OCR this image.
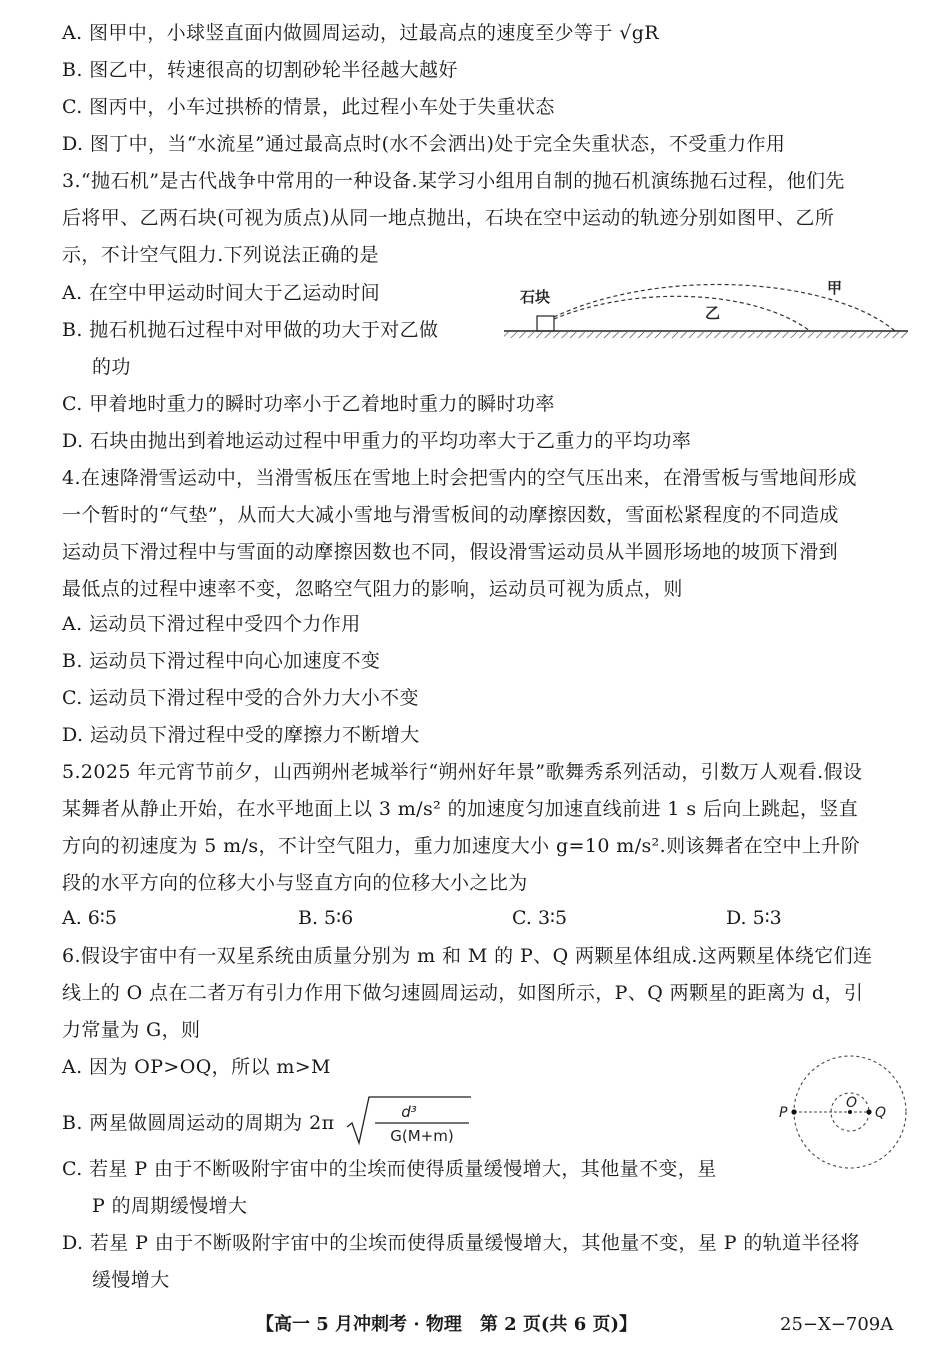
A. 图甲中，小球竖直面内做圆周运动，过最高点的速度至少等于 √gR
B. 图乙中，转速很高的切割砂轮半径越大越好
C. 图丙中，小车过拱桥的情景，此过程小车处于失重状态
D. 图丁中，当“水流星”通过最高点时(水不会洒出)处于完全失重状态，不受重力作用
3.“抛石机”是古代战争中常用的一种设备.某学习小组用自制的抛石机演练抛石过程，他们先
后将甲、乙两石块(可视为质点)从同一地点抛出，石块在空中运动的轨迹分别如图甲、乙所
示，不计空气阻力.下列说法正确的是
A. 在空中甲运动时间大于乙运动时间
B. 抛石机抛石过程中对甲做的功大于对乙做
的功
C. 甲着地时重力的瞬时功率小于乙着地时重力的瞬时功率
D. 石块由抛出到着地运动过程中甲重力的平均功率大于乙重力的平均功率
石块	甲
乙
4.在速降滑雪运动中，当滑雪板压在雪地上时会把雪内的空气压出来，在滑雪板与雪地间形成
一个暂时的“气垫”，从而大大减小雪地与滑雪板间的动摩擦因数，雪面松紧程度的不同造成
运动员下滑过程中与雪面的动摩擦因数也不同，假设滑雪运动员从半圆形场地的坡顶下滑到
最低点的过程中速率不变，忽略空气阻力的影响，运动员可视为质点，则
A. 运动员下滑过程中受四个力作用
B. 运动员下滑过程中向心加速度不变
C. 运动员下滑过程中受的合外力大小不变
D. 运动员下滑过程中受的摩擦力不断增大
5.2025 年元宵节前夕，山西朔州老城举行“朔州好年景”歌舞秀系列活动，引数万人观看.假设
某舞者从静止开始，在水平地面上以 3 m/s² 的加速度匀加速直线前进 1 s 后向上跳起，竖直
方向的初速度为 5 m/s，不计空气阻力，重力加速度大小 g=10 m/s².则该舞者在空中上升阶
段的水平方向的位移大小与竖直方向的位移大小之比为
A. 6∶5	B. 5∶6	C. 3∶5	D. 5∶3
6.假设宇宙中有一双星系统由质量分别为 m 和 M 的 P、Q 两颗星体组成.这两颗星体绕它们连
线上的 O 点在二者万有引力作用下做匀速圆周运动，如图所示，P、Q 两颗星的距离为 d，引
力常量为 G，则
A. 因为 OP>OQ，所以 m>M
B. 两星做圆周运动的周期为 2π	d³
G(M+m)
C. 若星 P 由于不断吸附宇宙中的尘埃而使得质量缓慢增大，其他量不变，星
P 的周期缓慢增大
D. 若星 P 由于不断吸附宇宙中的尘埃而使得质量缓慢增大，其他量不变，星 P 的轨道半径将
缓慢增大
P
O
Q
【高一 5 月冲刺考 · 物理　第 2 页(共 6 页)】	25−X−709A
